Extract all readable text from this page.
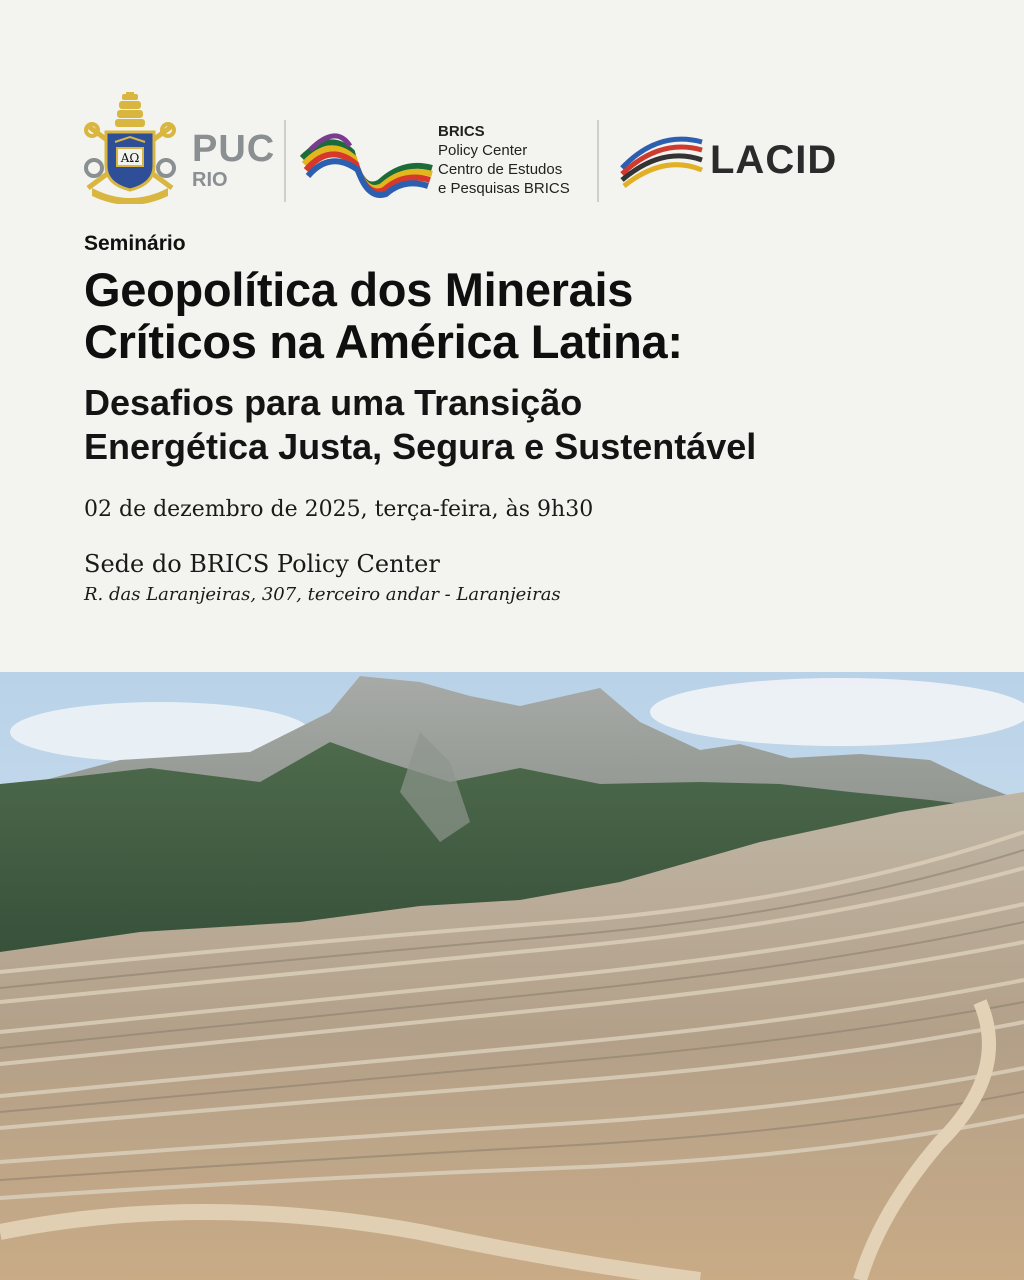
AΩ PUC
RIO
BRICS
Policy Center
Centro de Estudos
e Pesquisas BRICS
LACID

Seminário

Geopolítica dos Minerais
Críticos na América Latina:
Desafios para uma Transição
Energética Justa, Segura e Sustentável

02 de dezembro de 2025, terça-feira, às 9h30

Sede do BRICS Policy Center

R. das Laranjeiras, 307, terceiro andar - Laranjeiras
